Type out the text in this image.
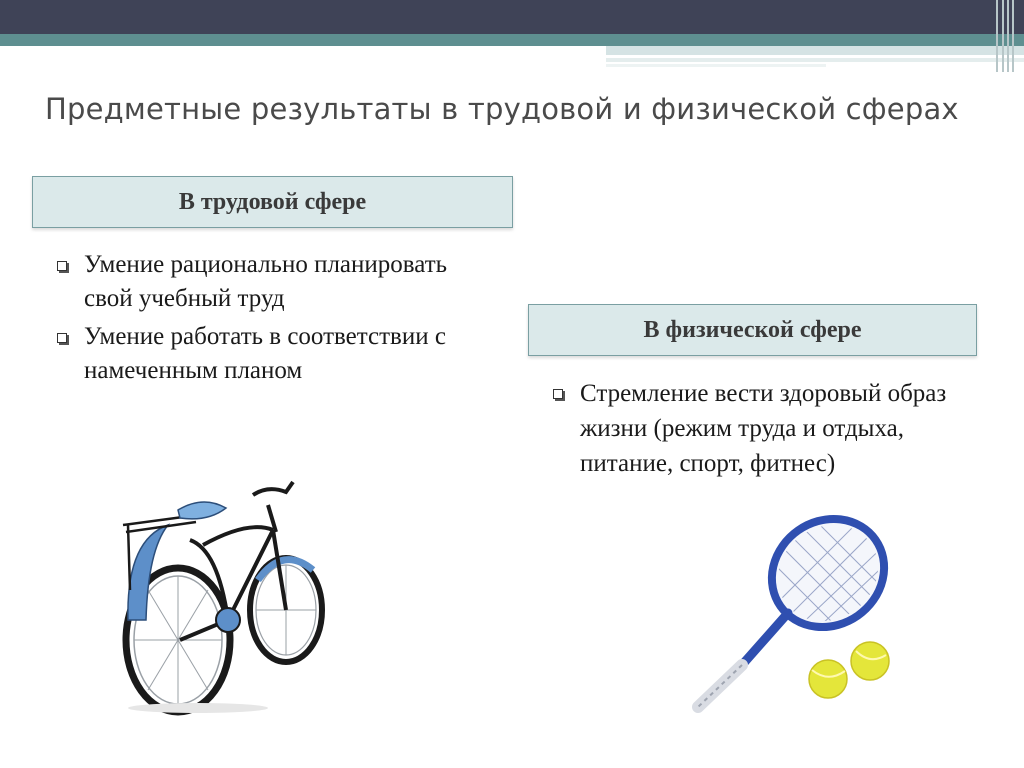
Предметные результаты в трудовой и физической сферах
В трудовой сфере
Умение рационально планировать свой учебный труд
Умение работать в соответствии с намеченным планом
В физической сфере
Стремление вести здоровый образ жизни (режим труда и отдыха, питание, спорт, фитнес)
